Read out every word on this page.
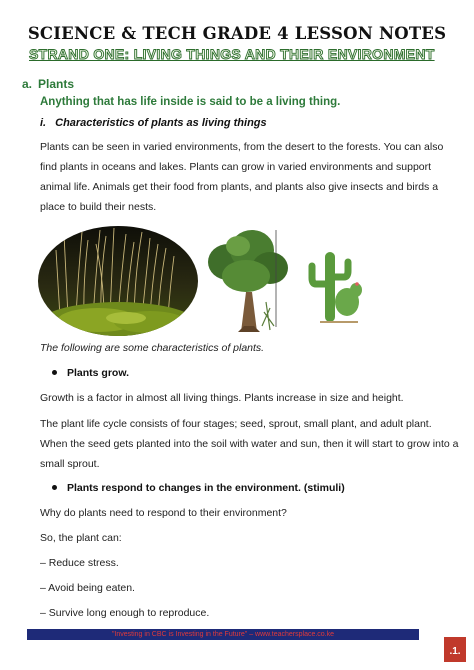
SCIENCE & TECH GRADE 4 LESSON NOTES
STRAND ONE: LIVING THINGS AND THEIR ENVIRONMENT
a. Plants
Anything that has life inside is said to be a living thing.
i. Characteristics of plants as living things
Plants can be seen in varied environments, from the desert to the forests. You can also find plants in oceans and lakes. Plants can grow in varied environments and support animal life. Animals get their food from plants, and plants also give insects and birds a place to build their nests.
The following are some characteristics of plants.
Plants grow.
Growth is a factor in almost all living things. Plants increase in size and height.
The plant life cycle consists of four stages; seed, sprout, small plant, and adult plant. When the seed gets planted into the soil with water and sun, then it will start to grow into a small sprout.
Plants respond to changes in the environment. (stimuli)
Why do plants need to respond to their environment?
So, the plant can:
– Reduce stress.
– Avoid being eaten.
– Survive long enough to reproduce.
"Investing in CBC is Investing in the Future" – www.teachersplace.co.ke
.1.
